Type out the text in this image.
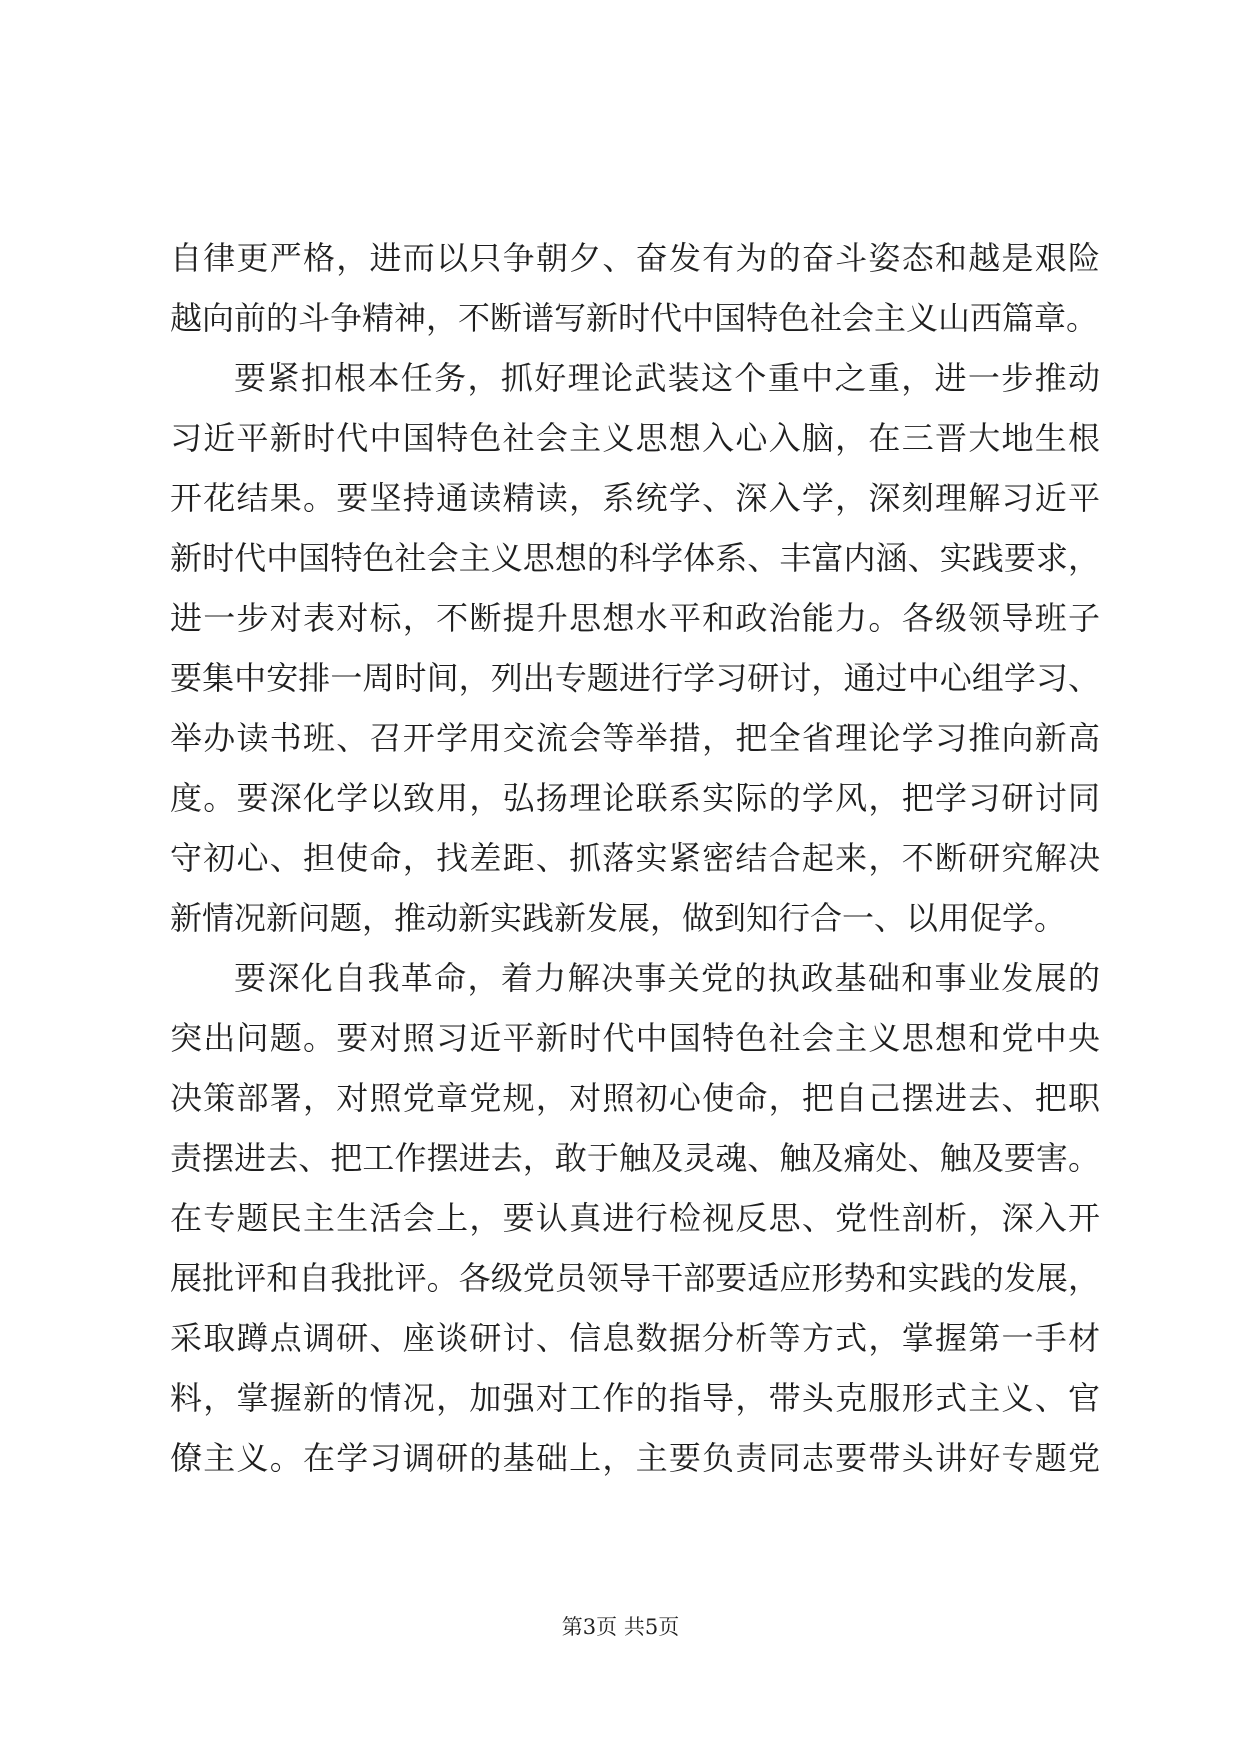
自律更严格，进而以只争朝夕、奋发有为的奋斗姿态和越是艰险
越向前的斗争精神，不断谱写新时代中国特色社会主义山西篇章。
要紧扣根本任务，抓好理论武装这个重中之重，进一步推动
习近平新时代中国特色社会主义思想入心入脑，在三晋大地生根
开花结果。要坚持通读精读，系统学、深入学，深刻理解习近平
新时代中国特色社会主义思想的科学体系、丰富内涵、实践要求，
进一步对表对标，不断提升思想水平和政治能力。各级领导班子
要集中安排一周时间，列出专题进行学习研讨，通过中心组学习、
举办读书班、召开学用交流会等举措，把全省理论学习推向新高
度。要深化学以致用，弘扬理论联系实际的学风，把学习研讨同
守初心、担使命，找差距、抓落实紧密结合起来，不断研究解决
新情况新问题，推动新实践新发展，做到知行合一、以用促学。
要深化自我革命，着力解决事关党的执政基础和事业发展的
突出问题。要对照习近平新时代中国特色社会主义思想和党中央
决策部署，对照党章党规，对照初心使命，把自己摆进去、把职
责摆进去、把工作摆进去，敢于触及灵魂、触及痛处、触及要害。
在专题民主生活会上，要认真进行检视反思、党性剖析，深入开
展批评和自我批评。各级党员领导干部要适应形势和实践的发展，
采取蹲点调研、座谈研讨、信息数据分析等方式，掌握第一手材
料，掌握新的情况，加强对工作的指导，带头克服形式主义、官
僚主义。在学习调研的基础上，主要负责同志要带头讲好专题党
第3页 共5页
